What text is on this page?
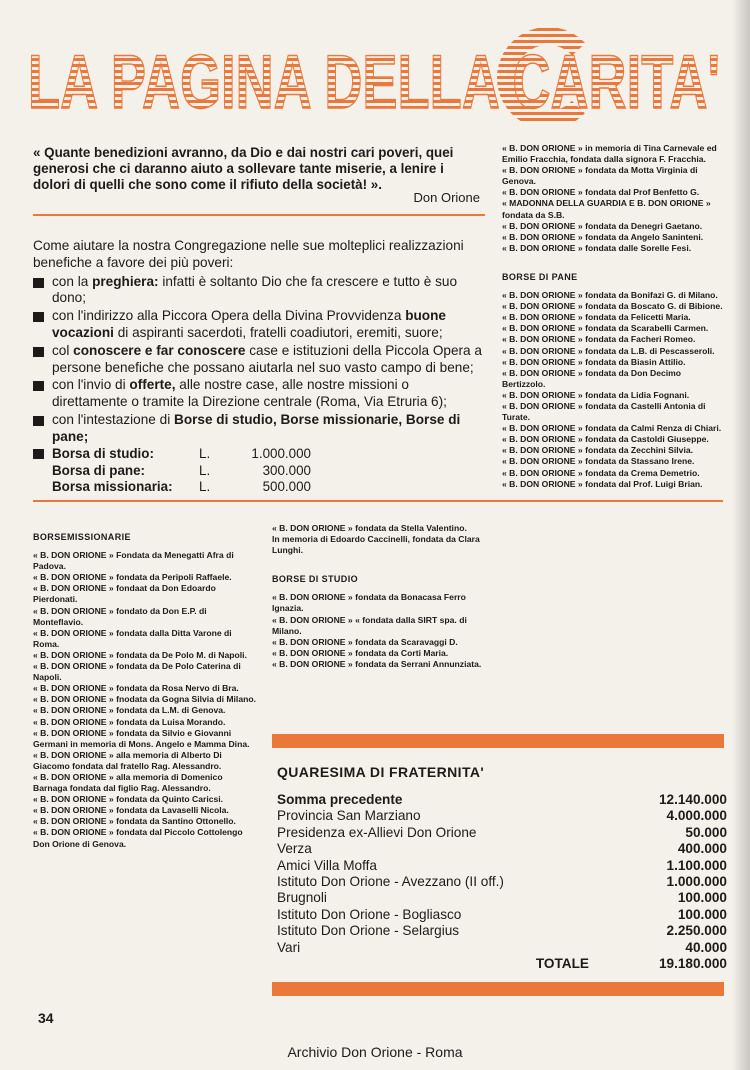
LA PAGINA DELLA CARITA'
« Quante benedizioni avranno, da Dio e dai nostri cari poveri, quei generosi che ci daranno aiuto a sollevare tante miserie, a lenire i dolori di quelli che sono come il rifiuto della società! ».
Don Orione

Come aiutare la nostra Congregazione nelle sue molteplici realizzazioni benefiche a favore dei più poveri:

con la preghiera: infatti è soltanto Dio che fa crescere e tutto è suo dono;
con l'indirizzo alla Piccora Opera della Divina Provvidenza buone vocazioni di aspiranti sacerdoti, fratelli coadiutori, eremiti, suore;
col conoscere e far conoscere case e istituzioni della Piccola Opera a persone benefiche che possano aiutarla nel suo vasto campo di bene;
con l'invio di offerte, alle nostre case, alle nostre missioni o direttamente o tramite la Direzione centrale (Roma, Via Etruria 6);
con l'intestazione di Borse di studio, Borse missionarie, Borse di pane;
Borsa di studio:	L.	1.000.000
Borsa di pane:	L.	300.000
Borsa missionaria:	L.	500.000
BORSEMISSIONARIE
« B. DON ORIONE » Fondata da Menegatti Afra di Padova.
« B. DON ORIONE » fondata da Peripoli Raffaele.
« B. DON ORIONE » fondaat da Don Edoardo Pierdonati.
« B. DON ORIONE » fondato da Don E.P. di Monteflavio.
« B. DON ORIONE » fondata dalla Ditta Varone di Roma.
« B. DON ORIONE » fondata da De Polo M. di Napoli.
« B. DON ORIONE » fondata da De Polo Caterina di Napoli.
« B. DON ORIONE » fondata da Rosa Nervo di Bra.
« B. DON ORIONE » fnodata da Gogna Silvia di Milano.
« B. DON ORIONE » fondata da L.M. di Genova.
« B. DON ORIONE » fondata da Luisa Morando.
« B. DON ORIONE » fondata da Silvio e Giovanni Germani in memoria di Mons. Angelo e Mamma Dina.
« B. DON ORIONE » alla memoria di Alberto Di Giacomo fondata dal fratello Rag. Alessandro.
« B. DON ORIONE » alla memoria di Domenico Barnaga fondata dal figlio Rag. Alessandro.
« B. DON ORIONE » fondata da Quinto Caricsi.
« B. DON ORIONE » fondata da Lavaselli Nicola.
« B. DON ORIONE » fondata da Santino Ottonello.
« B. DON ORIONE » fondata dal Piccolo Cottolengo Don Orione di Genova.
« B. DON ORIONE » fondata da Stella Valentino.
In memoria di Edoardo Caccinelli, fondata da Clara Lunghi.
BORSE DI STUDIO
« B. DON ORIONE » fondata da Bonacasa Ferro Ignazia.
« B. DON ORIONE » « fondata dalla SIRT spa. di Milano.
« B. DON ORIONE » fondata da Scaravaggi D.
« B. DON ORIONE » fondata da Corti Maria.
« B. DON ORIONE » fondata da Serrani Annunziata.
« B. DON ORIONE » in memoria di Tina Carnevale ed Emilio Fracchia, fondata dalla signora F. Fracchia.
« B. DON ORIONE » fondata da Motta Virginia di Genova.
« B. DON ORIONE » fondata dal Prof Benfetto G.
« MADONNA DELLA GUARDIA E B. DON ORIONE » fondata da S.B.
« B. DON ORIONE » fondata da Denegri Gaetano.
« B. DON ORIONE » fondata da Angelo Saninteni.
« B. DON ORIONE » fondata dalle Sorelle Fesi.
BORSE DI PANE
« B. DON ORIONE » fondata da Bonifazi G. di Milano.
« B. DON ORIONE » fondata da Boscato G. di Bibione.
« B. DON ORIONE » fondata da Felicetti Maria.
« B. DON ORIONE » fondata da Scarabelli Carmen.
« B. DON ORIONE » fondata da Facheri Romeo.
« B. DON ORIONE » fondata da L.B. di Pescasseroli.
« B. DON ORIONE » fondata da Biasin Attilio.
« B. DON ORIONE » fondata da Don Decimo Bertizzolo.
« B. DON ORIONE » fondata da Lidia Fognani.
« B. DON ORIONE » fondata da Castelli Antonia di Turate.
« B. DON ORIONE » fondata da Calmi Renza di Chiari.
« B. DON ORIONE » fondata da Castoldi Giuseppe.
« B. DON ORIONE » fondata da Zecchini Silvia.
« B. DON ORIONE » fondata da Stassano Irene.
« B. DON ORIONE » fondata da Crema Demetrio.
« B. DON ORIONE » fondata dal Prof. Luigi Brian.
QUARESIMA DI FRATERNITA'
Somma precedente	12.140.000
Provincia San Marziano	4.000.000
Presidenza ex-Allievi Don Orione	50.000
Verza	400.000
Amici Villa Moffa	1.100.000
Istituto Don Orione - Avezzano (II off.)	1.000.000
Brugnoli	100.000
Istituto Don Orione - Bogliasco	100.000
Istituto Don Orione - Selargius	2.250.000
Vari	40.000
TOTALE	19.180.000
34
Archivio Don Orione - Roma
